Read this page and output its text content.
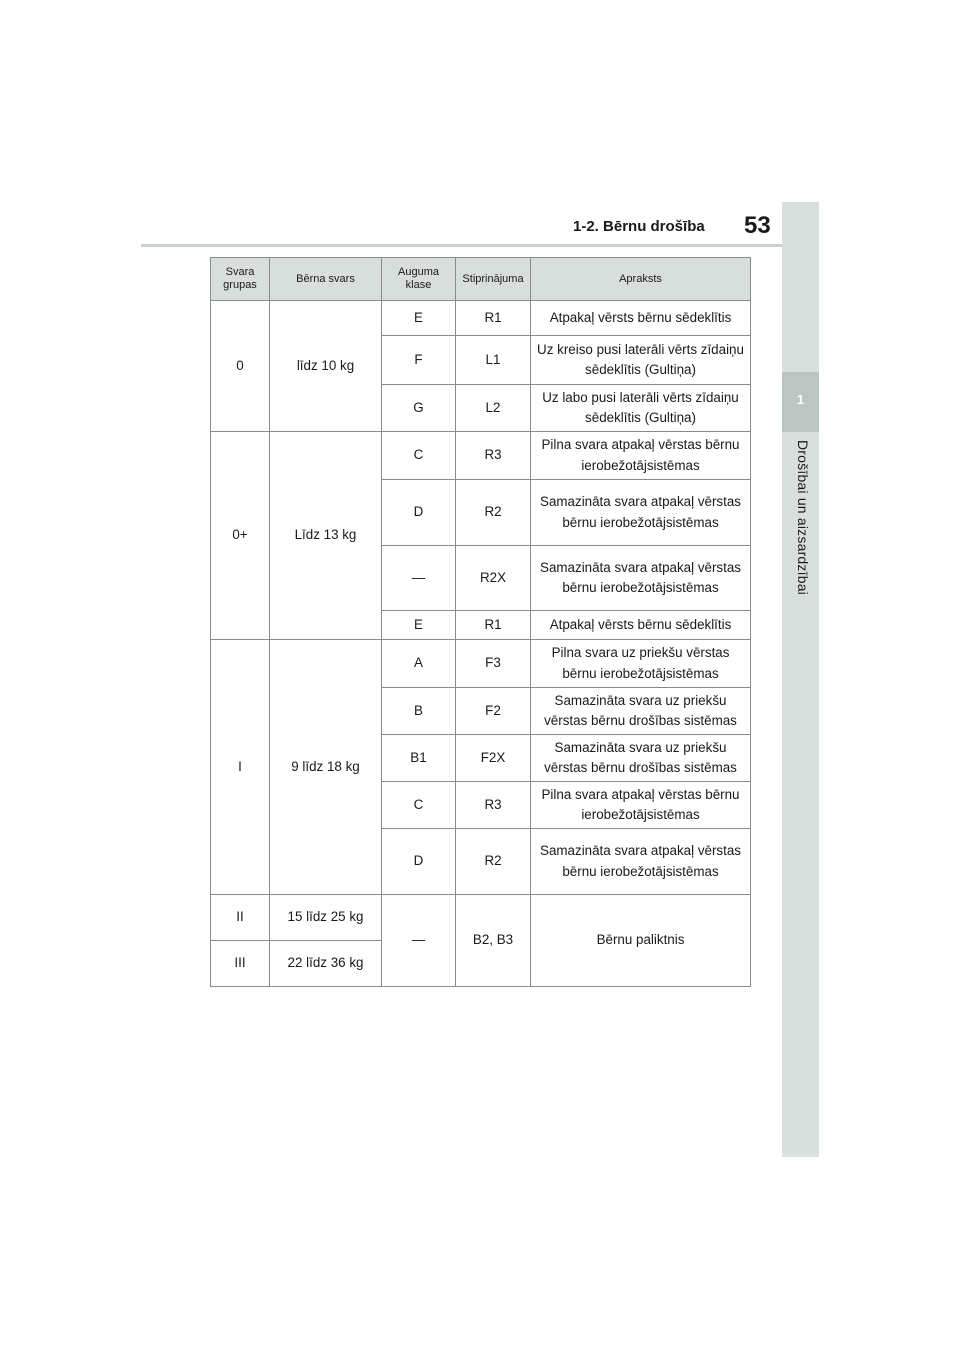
1
Drošībai un aizsardzībai
1-2. Bērnu drošība 53
Svara grupas	Bērna svars	Auguma klase	Stiprinājuma	Apraksts
0	līdz 10 kg	E	R1	Atpakaļ vērsts bērnu sēdeklītis
		F	L1	Uz kreiso pusi laterāli vērts zīdaiņu sēdeklītis (Gultiņa)
		G	L2	Uz labo pusi laterāli vērts zīdaiņu sēdeklītis (Gultiņa)
0+	Līdz 13 kg	C	R3	Pilna svara atpakaļ vērstas bērnu ierobežotājsistēmas
		D	R2	Samazināta svara atpakaļ vērstas bērnu ierobežotājsistēmas
		—	R2X	Samazināta svara atpakaļ vērstas bērnu ierobežotājsistēmas
		E	R1	Atpakaļ vērsts bērnu sēdeklītis
I	9 līdz 18 kg	A	F3	Pilna svara uz priekšu vērstas bērnu ierobežotājsistēmas
		B	F2	Samazināta svara uz priekšu vērstas bērnu drošības sistēmas
		B1	F2X	Samazināta svara uz priekšu vērstas bērnu drošības sistēmas
		C	R3	Pilna svara atpakaļ vērstas bērnu ierobežotājsistēmas
		D	R2	Samazināta svara atpakaļ vērstas bērnu ierobežotājsistēmas
II	15 līdz 25 kg	—	B2, B3	Bērnu paliktnis
III	22 līdz 36 kg			
